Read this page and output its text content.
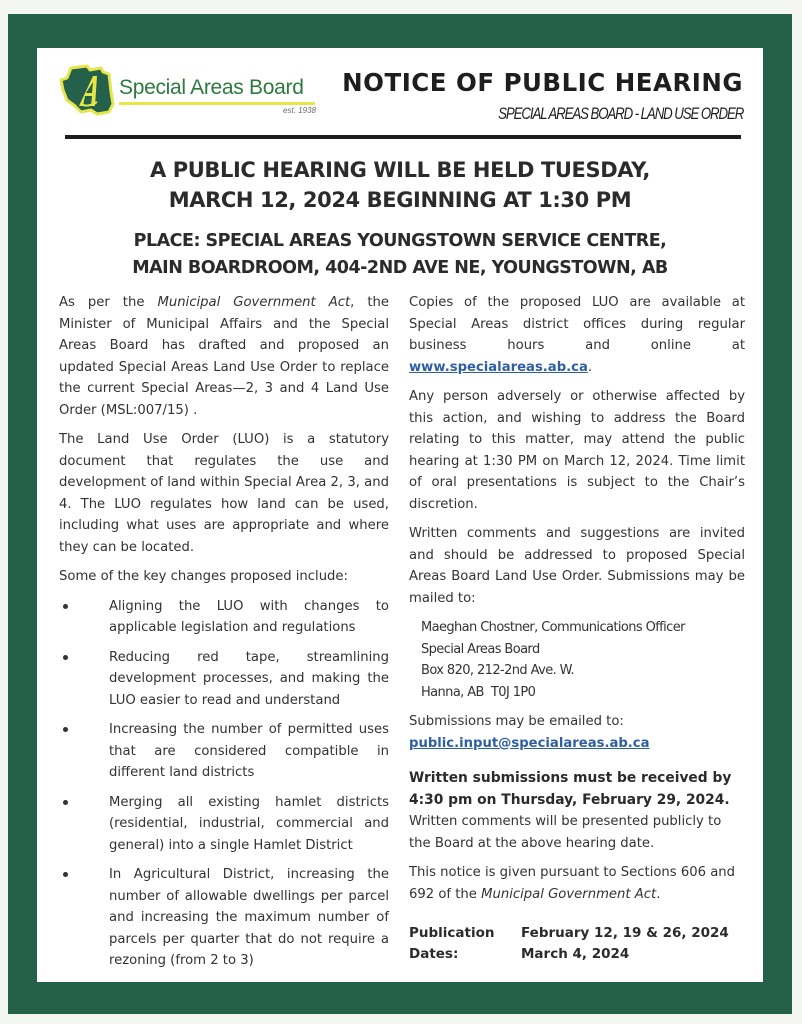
Special Areas Board
est. 1938
NOTICE OF PUBLIC HEARING
SPECIAL AREAS BOARD - LAND USE ORDER
A PUBLIC HEARING WILL BE HELD TUESDAY,
MARCH 12, 2024 BEGINNING AT 1:30 PM
PLACE: SPECIAL AREAS YOUNGSTOWN SERVICE CENTRE,
MAIN BOARDROOM, 404-2ND AVE NE, YOUNGSTOWN, AB

As per the Municipal Government Act, the Minister of Municipal Affairs and the Special Areas Board has drafted and proposed an updated Special Areas Land Use Order to replace the current Special Areas—2, 3 and 4 Land Use Order (MSL:007/15) .

The Land Use Order (LUO) is a statutory document that regulates the use and development of land within Special Area 2, 3, and 4. The LUO regulates how land can be used, including what uses are appropriate and where they can be located.

Some of the key changes proposed include:

Aligning the LUO with changes to applicable legislation and regulations
Reducing red tape, streamlining development processes, and making the LUO easier to read and understand
Increasing the number of permitted uses that are considered compatible in different land districts
Merging all existing hamlet districts (residential, industrial, commercial and general) into a single Hamlet District
In Agricultural District, increasing the number of allowable dwellings per parcel and increasing the maximum number of parcels per quarter that do not require a rezoning (from 2 to 3)

Copies of the proposed LUO are available at Special Areas district offices during regular business hours and online at www.specialareas.ab.ca.

Any person adversely or otherwise affected by this action, and wishing to address the Board relating to this matter, may attend the public hearing at 1:30 PM on March 12, 2024. Time limit of oral presentations is subject to the Chair’s discretion.

Written comments and suggestions are invited and should be addressed to proposed Special Areas Board Land Use Order. Submissions may be mailed to:

Maeghan Chostner, Communications Officer
Special Areas Board
Box 820, 212-2nd Ave. W.
Hanna, AB  T0J 1P0

Submissions may be emailed to:
public.input@specialareas.ab.ca

Written submissions must be received by 4:30 pm on Thursday, February 29, 2024. Written comments will be presented publicly to the Board at the above hearing date.

This notice is given pursuant to Sections 606 and 692 of the Municipal Government Act.

Publication	February 12, 19 & 26, 2024
Dates:	March 4, 2024
